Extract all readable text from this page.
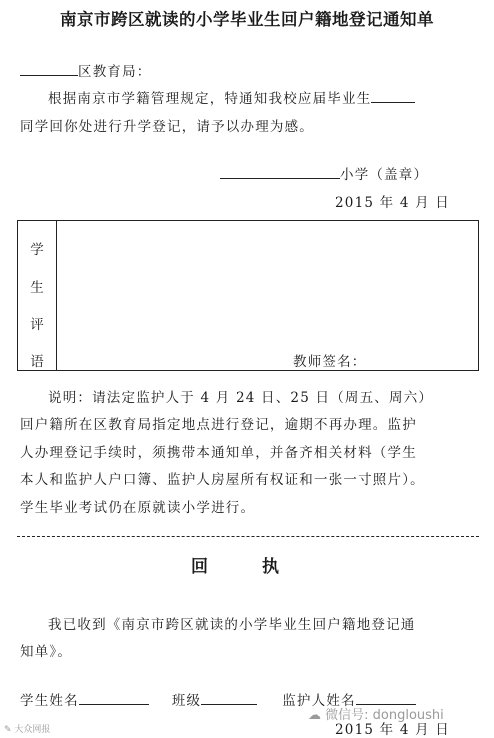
南京市跨区就读的小学毕业生回户籍地登记通知单
区教育局：
根据南京市学籍管理规定，特通知我校应届毕业生
同学回你处进行升学登记，请予以办理为感。
小学（盖章）
2015 年 4 月 日
学
生
评
语	教师签名：
说明：请法定监护人于 4 月 24 日、25 日（周五、周六）
回户籍所在区教育局指定地点进行登记，逾期不再办理。监护
人办理登记手续时，须携带本通知单，并备齐相关材料（学生
本人和监护人户口簿、监护人房屋所有权证和一张一寸照片）。
学生毕业考试仍在原就读小学进行。
回 执
我已收到《南京市跨区就读的小学毕业生回户籍地登记通
知单》。
学生姓名	班级	监护人姓名
2015 年 4 月 日
✎ 大众网报
☁ 微信号: dongloushi
